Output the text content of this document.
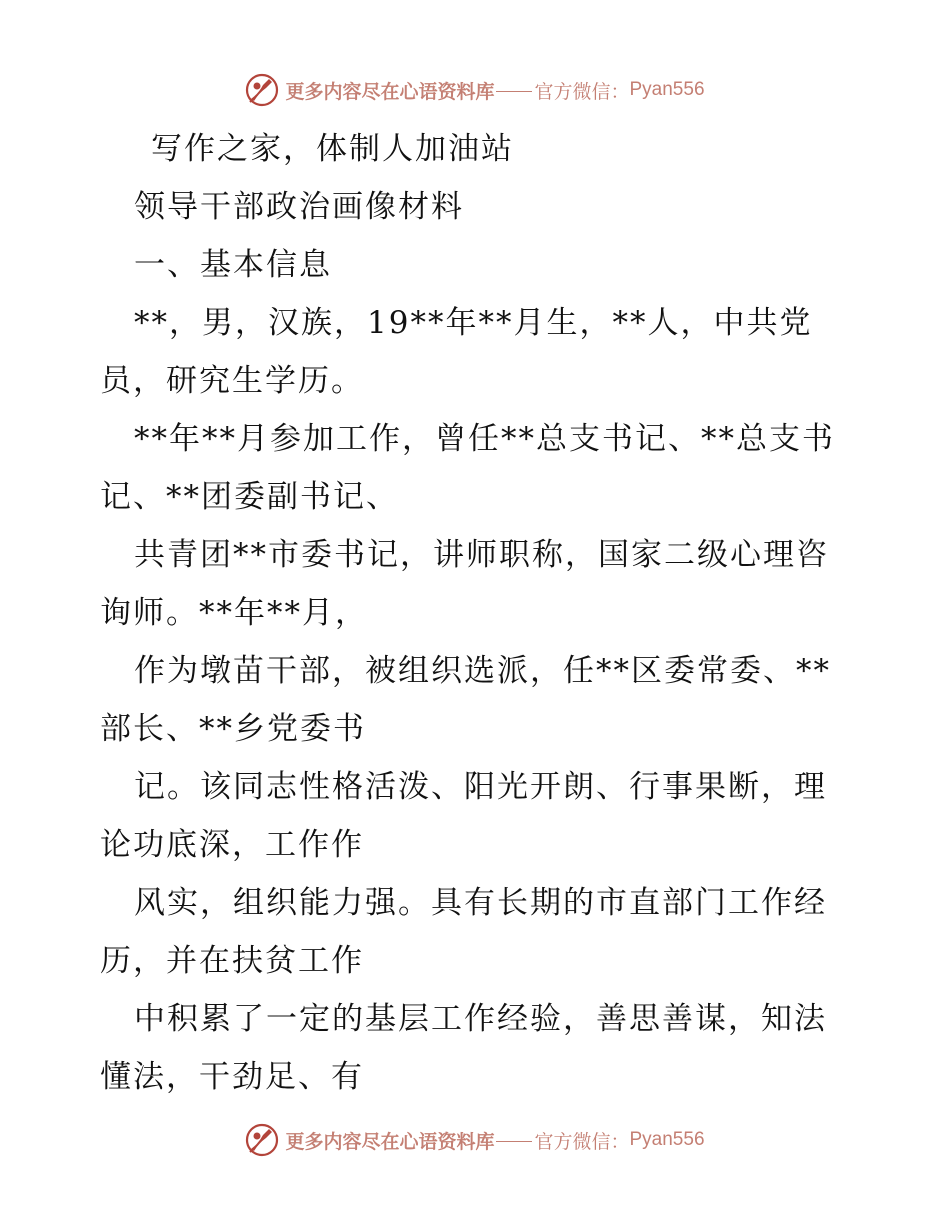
更多内容尽在心语资料库 官方微信： Pyan556
写作之家，体制人加油站
领导干部政治画像材料
一、基本信息
**，男，汉族，19**年**月生，**人，中共党
员，研究生学历。
**年**月参加工作，曾任**总支书记、**总支书
记、**团委副书记、
共青团**市委书记，讲师职称，国家二级心理咨
询师。**年**月，
作为墩苗干部，被组织选派，任**区委常委、**
部长、**乡党委书
记。该同志性格活泼、阳光开朗、行事果断，理
论功底深，工作作
风实，组织能力强。具有长期的市直部门工作经
历，并在扶贫工作
中积累了一定的基层工作经验，善思善谋，知法
懂法，干劲足、有
更多内容尽在心语资料库 官方微信： Pyan556
